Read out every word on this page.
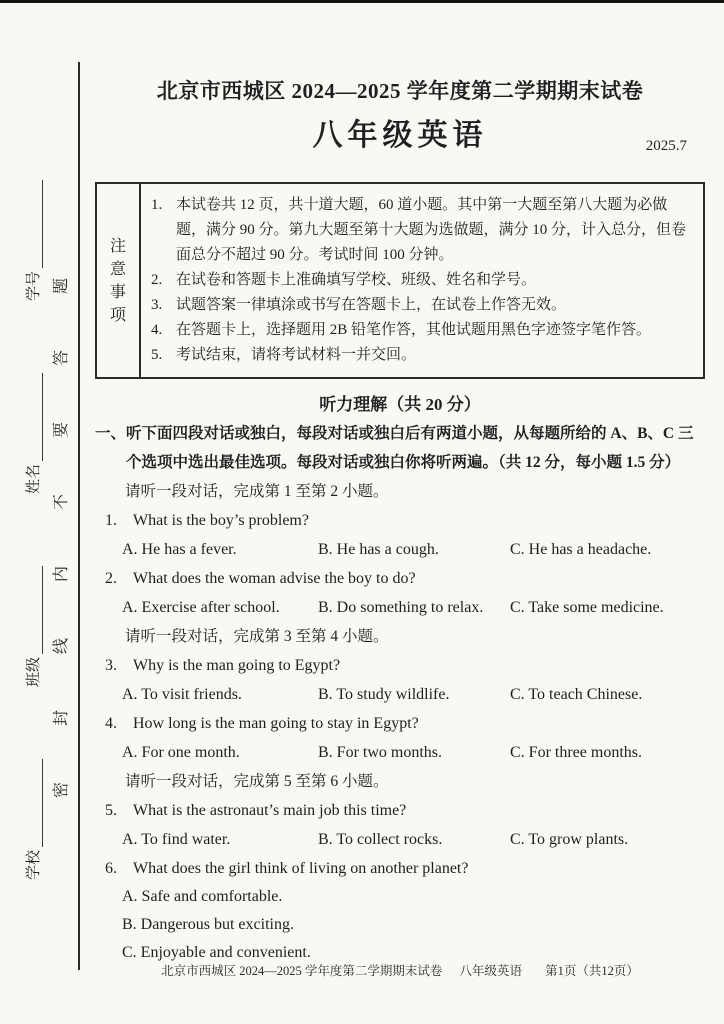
学校
班级
姓名
学号 密封线内不要答题
北京市西城区 2024—2025 学年度第二学期期末试卷
八年级英语	2025.7
注意事项
1. 本试卷共 12 页，共十道大题，60 道小题。其中第一大题至第八大题为必做题，满分 90 分。第九大题至第十大题为选做题，满分 10 分，计入总分，但卷面总分不超过 90 分。考试时间 100 分钟。
2. 在试卷和答题卡上准确填写学校、班级、姓名和学号。
3. 试题答案一律填涂或书写在答题卡上，在试卷上作答无效。
4. 在答题卡上，选择题用 2B 铅笔作答，其他试题用黑色字迹签字笔作答。
5. 考试结束，请将考试材料一并交回。
听力理解（共 20 分）
一、 听下面四段对话或独白，每段对话或独白后有两道小题，从每题所给的 A、B、C 三个选项中选出最佳选项。每段对话或独白你将听两遍。（共 12 分，每小题 1.5 分）
请听一段对话，完成第 1 至第 2 小题。
1.	What is the boy’s problem?
A. He has a fever.	B. He has a cough.	C. He has a headache.
2.	What does the woman advise the boy to do?
A. Exercise after school.	B. Do something to relax.	C. Take some medicine.
请听一段对话，完成第 3 至第 4 小题。
3.	Why is the man going to Egypt?
A. To visit friends.	B. To study wildlife.	C. To teach Chinese.
4.	How long is the man going to stay in Egypt?
A. For one month.	B. For two months.	C. For three months.
请听一段对话，完成第 5 至第 6 小题。
5.	What is the astronaut’s main job this time?
A. To find water.	B. To collect rocks.	C. To grow plants.
6.	What does the girl think of living on another planet?
A. Safe and comfortable.
B. Dangerous but exciting.
C. Enjoyable and convenient.
北京市西城区 2024—2025 学年度第二学期期末试卷 八年级英语 第1页（共12页）
